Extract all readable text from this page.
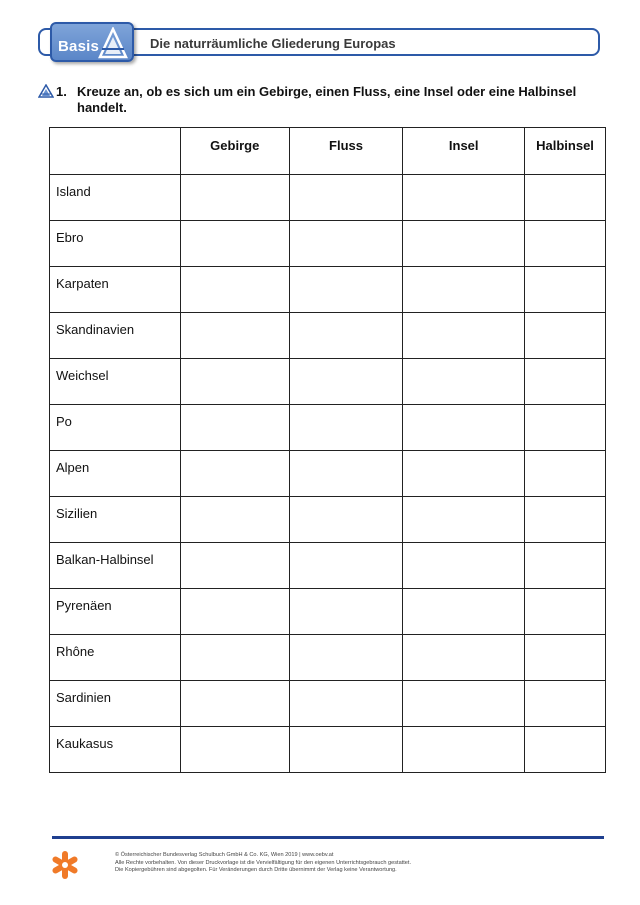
Basis	Die naturräumliche Gliederung Europas
1. Kreuze an, ob es sich um ein Gebirge, einen Fluss, eine Insel oder eine Halbinsel handelt.
	Gebirge	Fluss	Insel	Halbinsel
Island				
Ebro				
Karpaten				
Skandinavien				
Weichsel				
Po				
Alpen				
Sizilien				
Balkan-Halbinsel				
Pyrenäen				
Rhône				
Sardinien				
Kaukasus				
© Österreichischer Bundesverlag Schulbuch GmbH & Co. KG, Wien 2019 | www.oebv.at
Alle Rechte vorbehalten. Von dieser Druckvorlage ist die Vervielfältigung für den eigenen Unterrichtsgebrauch gestattet.
Die Kopiergebühren sind abgegolten. Für Veränderungen durch Dritte übernimmt der Verlag keine Verantwortung.
